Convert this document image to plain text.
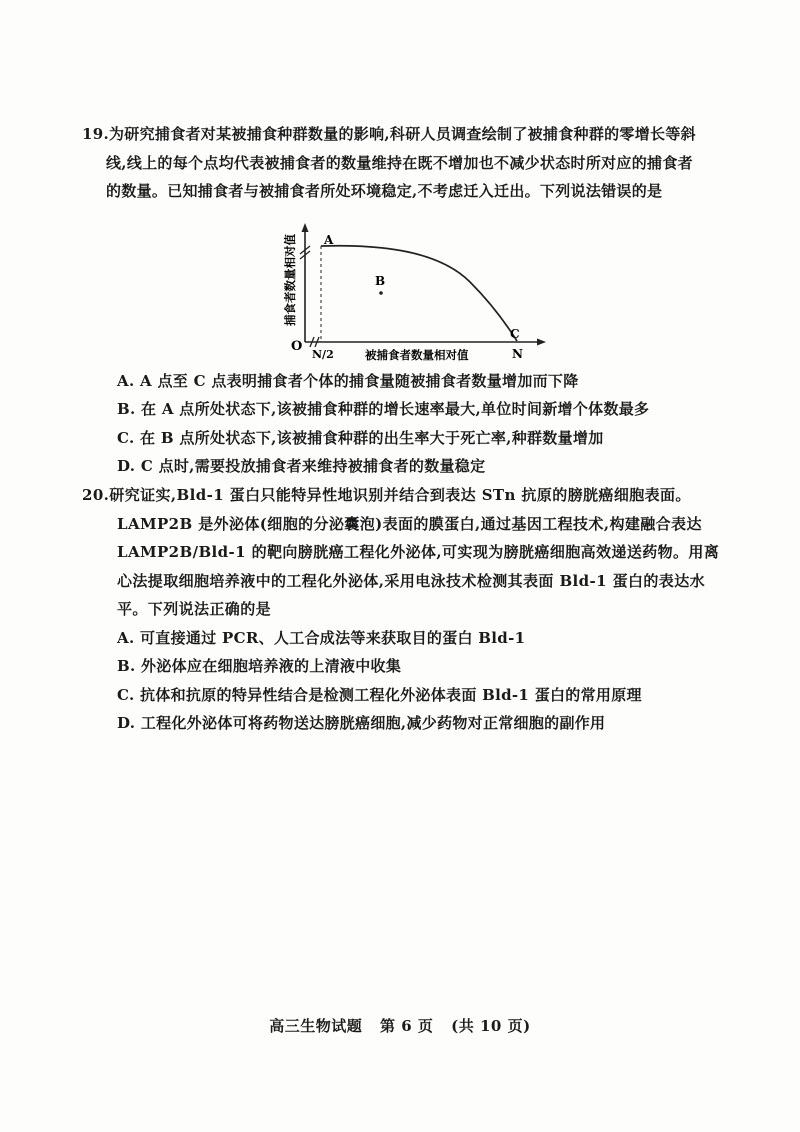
19.为研究捕食者对某被捕食种群数量的影响,科研人员调查绘制了被捕食种群的零增长等斜
线,线上的每个点均代表被捕食者的数量维持在既不增加也不减少状态时所对应的捕食者
的数量。已知捕食者与被捕食者所处环境稳定,不考虑迁入迁出。下列说法错误的是
O
N/2	N
A
B
C
被捕食者数量相对值
捕食者数量相对值
A. A 点至 C 点表明捕食者个体的捕食量随被捕食者数量增加而下降
B. 在 A 点所处状态下,该被捕食种群的增长速率最大,单位时间新增个体数最多
C. 在 B 点所处状态下,该被捕食种群的出生率大于死亡率,种群数量增加
D. C 点时,需要投放捕食者来维持被捕食者的数量稳定
20.研究证实,Bld-1 蛋白只能特异性地识别并结合到表达 STn 抗原的膀胱癌细胞表面。
LAMP2B 是外泌体(细胞的分泌囊泡)表面的膜蛋白,通过基因工程技术,构建融合表达
LAMP2B/Bld-1 的靶向膀胱癌工程化外泌体,可实现为膀胱癌细胞高效递送药物。用离
心法提取细胞培养液中的工程化外泌体,采用电泳技术检测其表面 Bld-1 蛋白的表达水
平。下列说法正确的是
A. 可直接通过 PCR、人工合成法等来获取目的蛋白 Bld-1
B. 外泌体应在细胞培养液的上清液中收集
C. 抗体和抗原的特异性结合是检测工程化外泌体表面 Bld-1 蛋白的常用原理
D. 工程化外泌体可将药物送达膀胱癌细胞,减少药物对正常细胞的副作用
高三生物试题 第 6 页 (共 10 页)
